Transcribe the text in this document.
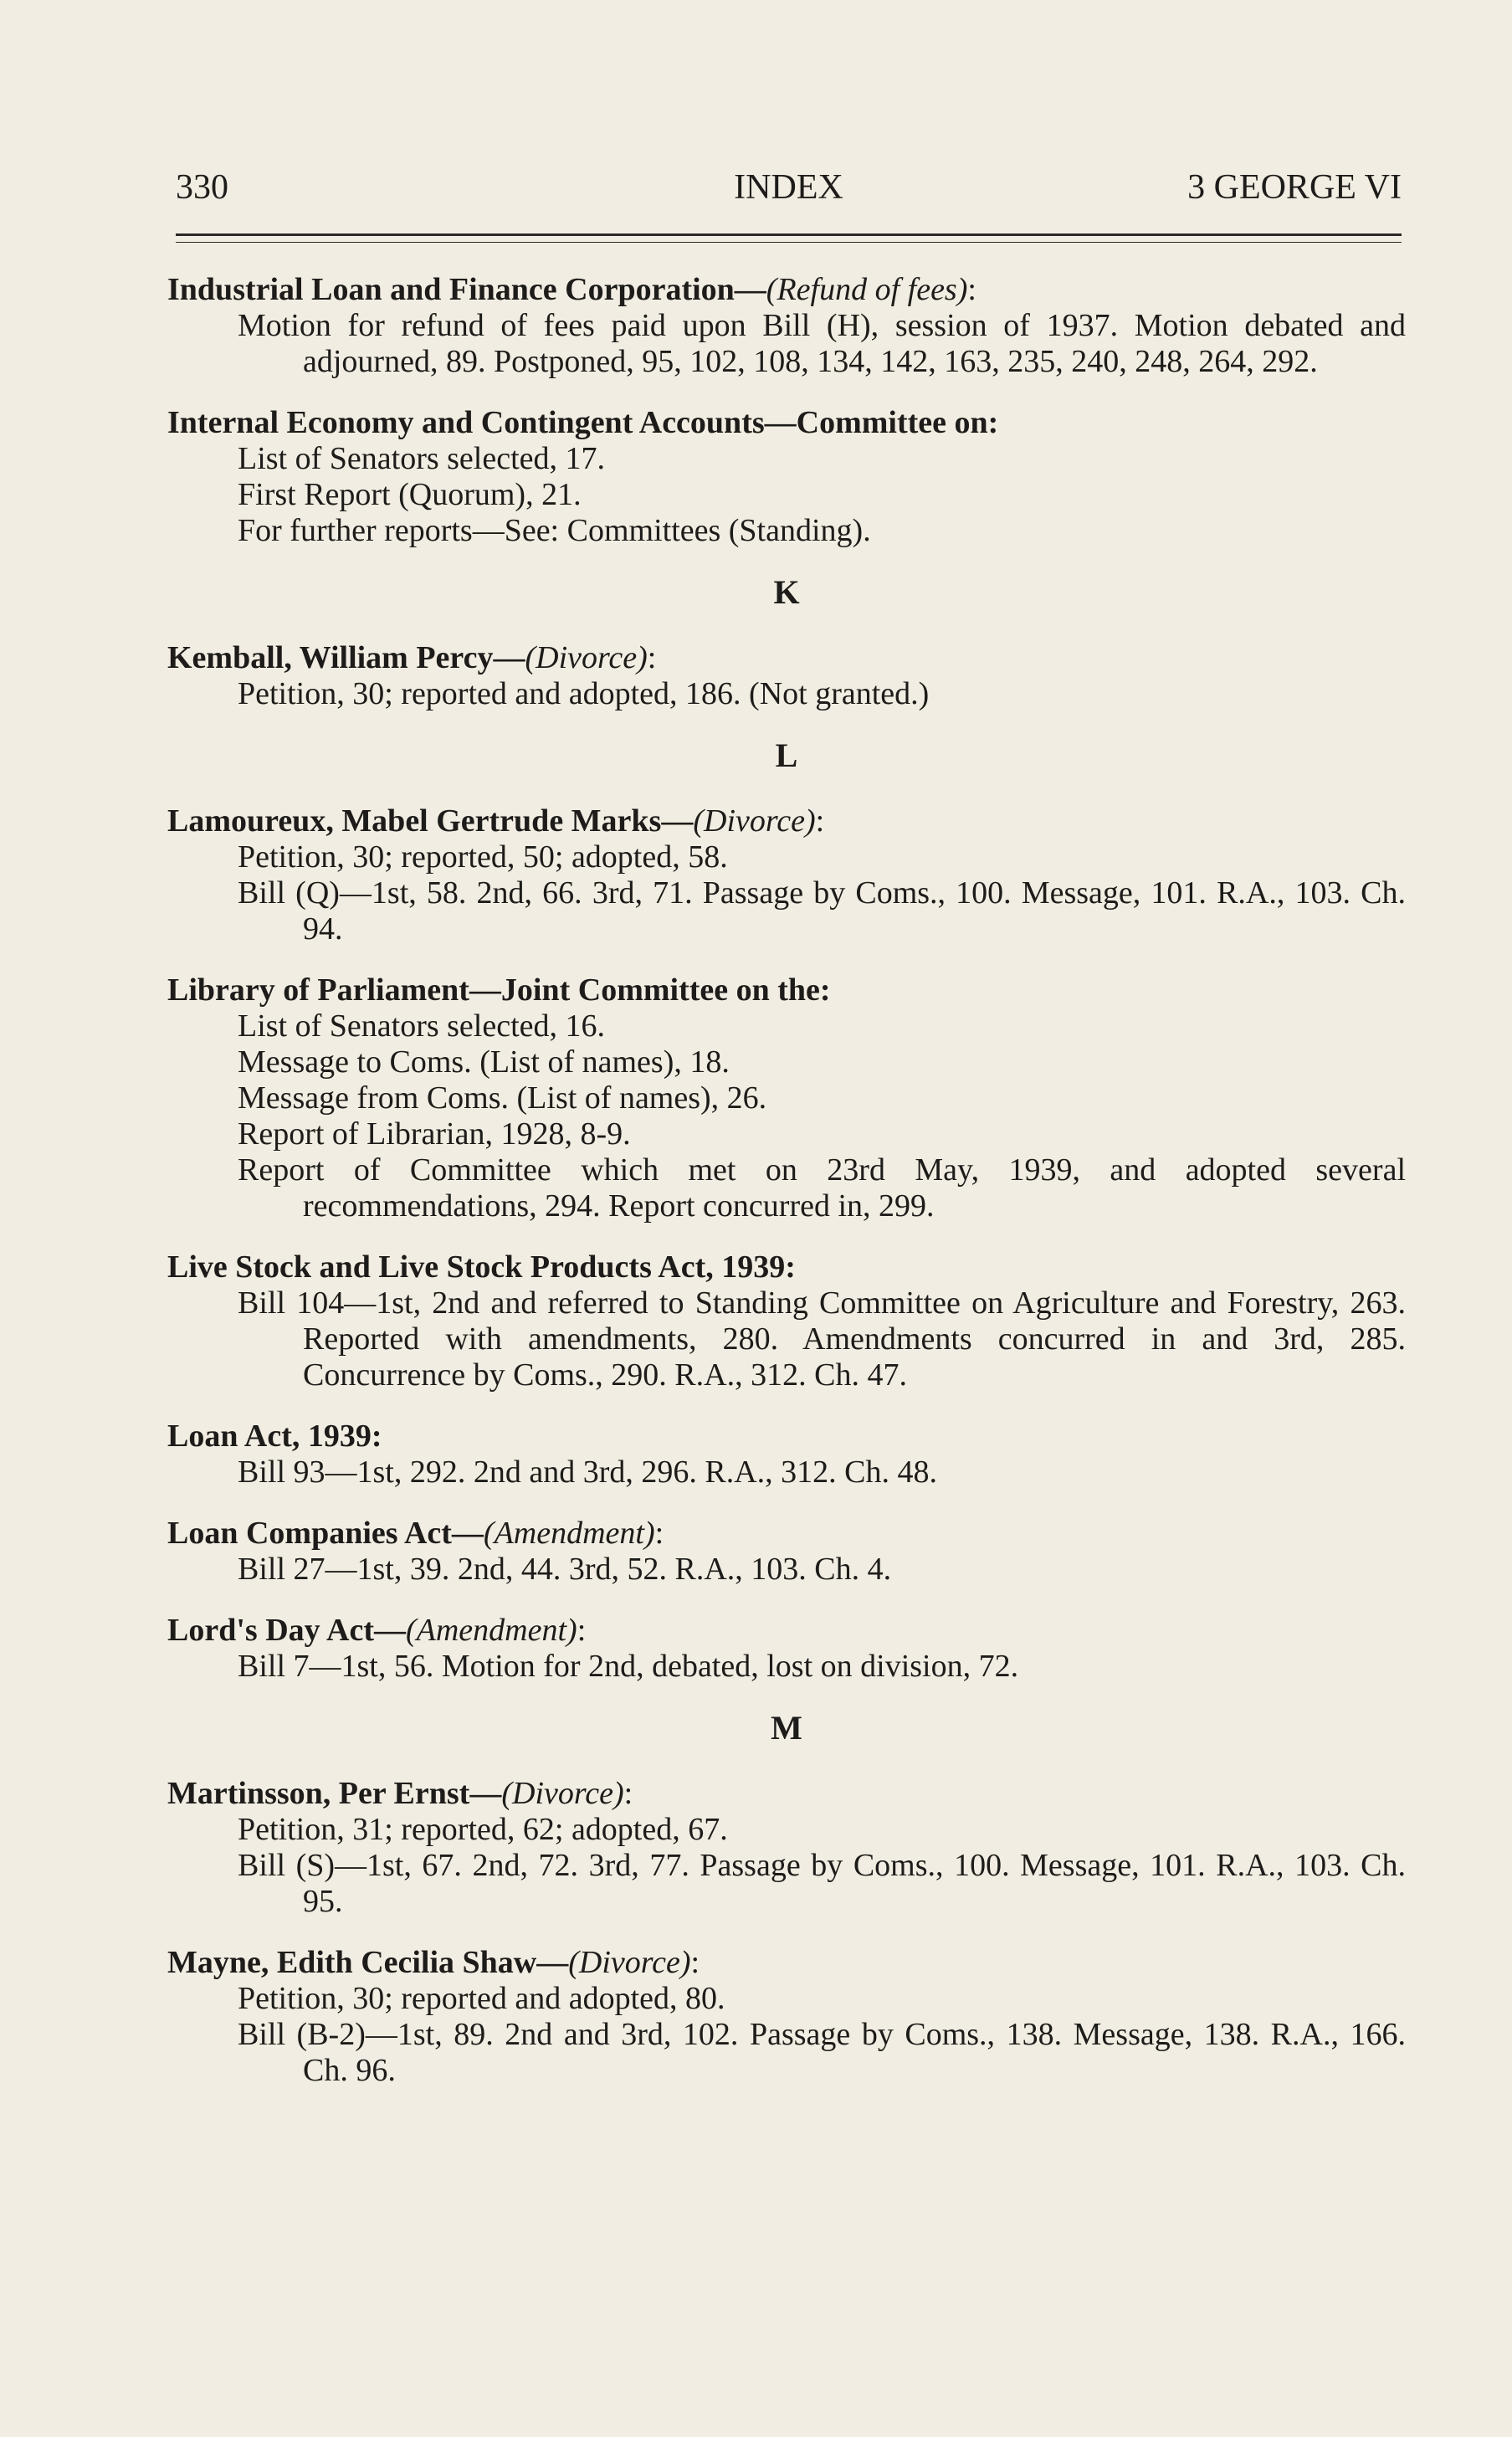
330	INDEX	3 GEORGE VI

Industrial Loan and Finance Corporation—(Refund of fees):

Motion for refund of fees paid upon Bill (H), session of 1937. Motion debated and adjourned, 89. Postponed, 95, 102, 108, 134, 142, 163, 235, 240, 248, 264, 292.

Internal Economy and Contingent Accounts—Committee on:

List of Senators selected, 17.

First Report (Quorum), 21.

For further reports—See: Committees (Standing).

K

Kemball, William Percy—(Divorce):

Petition, 30; reported and adopted, 186. (Not granted.)

L

Lamoureux, Mabel Gertrude Marks—(Divorce):

Petition, 30; reported, 50; adopted, 58.

Bill (Q)—1st, 58. 2nd, 66. 3rd, 71. Passage by Coms., 100. Message, 101. R.A., 103. Ch. 94.

Library of Parliament—Joint Committee on the:

List of Senators selected, 16.

Message to Coms. (List of names), 18.

Message from Coms. (List of names), 26.

Report of Librarian, 1928, 8-9.

Report of Committee which met on 23rd May, 1939, and adopted several recommendations, 294. Report concurred in, 299.

Live Stock and Live Stock Products Act, 1939:

Bill 104—1st, 2nd and referred to Standing Committee on Agriculture and Forestry, 263. Reported with amendments, 280. Amendments concurred in and 3rd, 285. Concurrence by Coms., 290. R.A., 312. Ch. 47.

Loan Act, 1939:

Bill 93—1st, 292. 2nd and 3rd, 296. R.A., 312. Ch. 48.

Loan Companies Act—(Amendment):

Bill 27—1st, 39. 2nd, 44. 3rd, 52. R.A., 103. Ch. 4.

Lord's Day Act—(Amendment):

Bill 7—1st, 56. Motion for 2nd, debated, lost on division, 72.

M

Martinsson, Per Ernst—(Divorce):

Petition, 31; reported, 62; adopted, 67.

Bill (S)—1st, 67. 2nd, 72. 3rd, 77. Passage by Coms., 100. Message, 101. R.A., 103. Ch. 95.

Mayne, Edith Cecilia Shaw—(Divorce):

Petition, 30; reported and adopted, 80.

Bill (B-2)—1st, 89. 2nd and 3rd, 102. Passage by Coms., 138. Message, 138. R.A., 166. Ch. 96.
